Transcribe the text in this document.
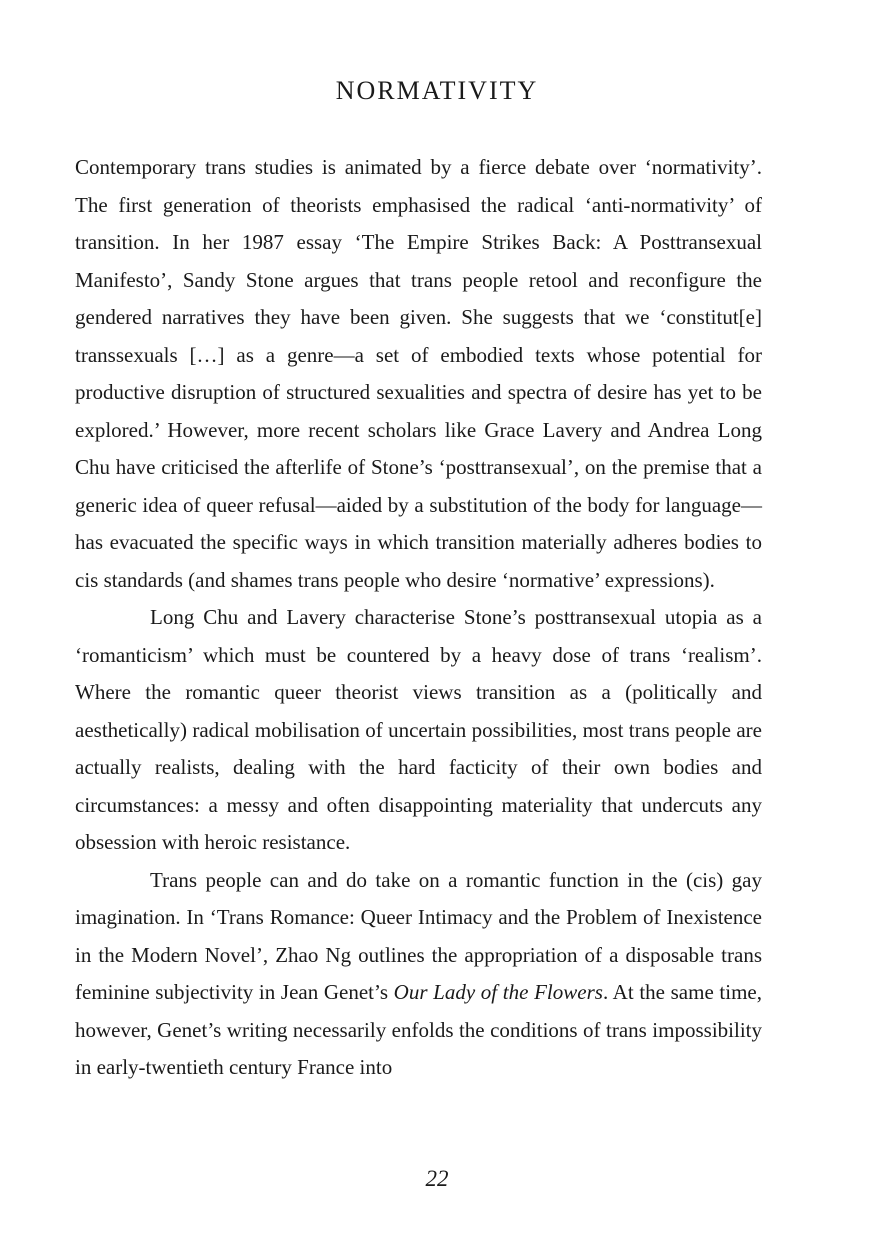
NORMATIVITY

Contemporary trans studies is animated by a fierce debate over ‘normativity’. The first generation of theorists emphasised the radical ‘anti-normativity’ of transition. In her 1987 essay ‘The Empire Strikes Back: A Posttransexual Manifesto’, Sandy Stone argues that trans people retool and reconfigure the gendered narratives they have been given. She suggests that we ‘constitut[e] transsexuals […] as a genre—a set of embodied texts whose potential for productive disruption of structured sexualities and spectra of desire has yet to be explored.’ However, more recent scholars like Grace Lavery and Andrea Long Chu have criticised the afterlife of Stone’s ‘posttransexual’, on the premise that a generic idea of queer refusal—aided by a substitution of the body for language—has evacuated the specific ways in which transition materially adheres bodies to cis standards (and shames trans people who desire ‘normative’ expressions).

Long Chu and Lavery characterise Stone’s posttransexual utopia as a ‘romanticism’ which must be countered by a heavy dose of trans ‘realism’. Where the romantic queer theorist views transition as a (politically and aesthetically) radical mobilisation of uncertain possibilities, most trans people are actually realists, dealing with the hard facticity of their own bodies and circumstances: a messy and often disappointing materiality that undercuts any obsession with heroic resistance.

Trans people can and do take on a romantic function in the (cis) gay imagination. In ‘Trans Romance: Queer Intimacy and the Problem of Inexistence in the Modern Novel’, Zhao Ng outlines the appropriation of a disposable trans feminine subjectivity in Jean Genet’s Our Lady of the Flowers. At the same time, however, Genet’s writing necessarily enfolds the conditions of trans impossibility in early-twentieth century France into

22
